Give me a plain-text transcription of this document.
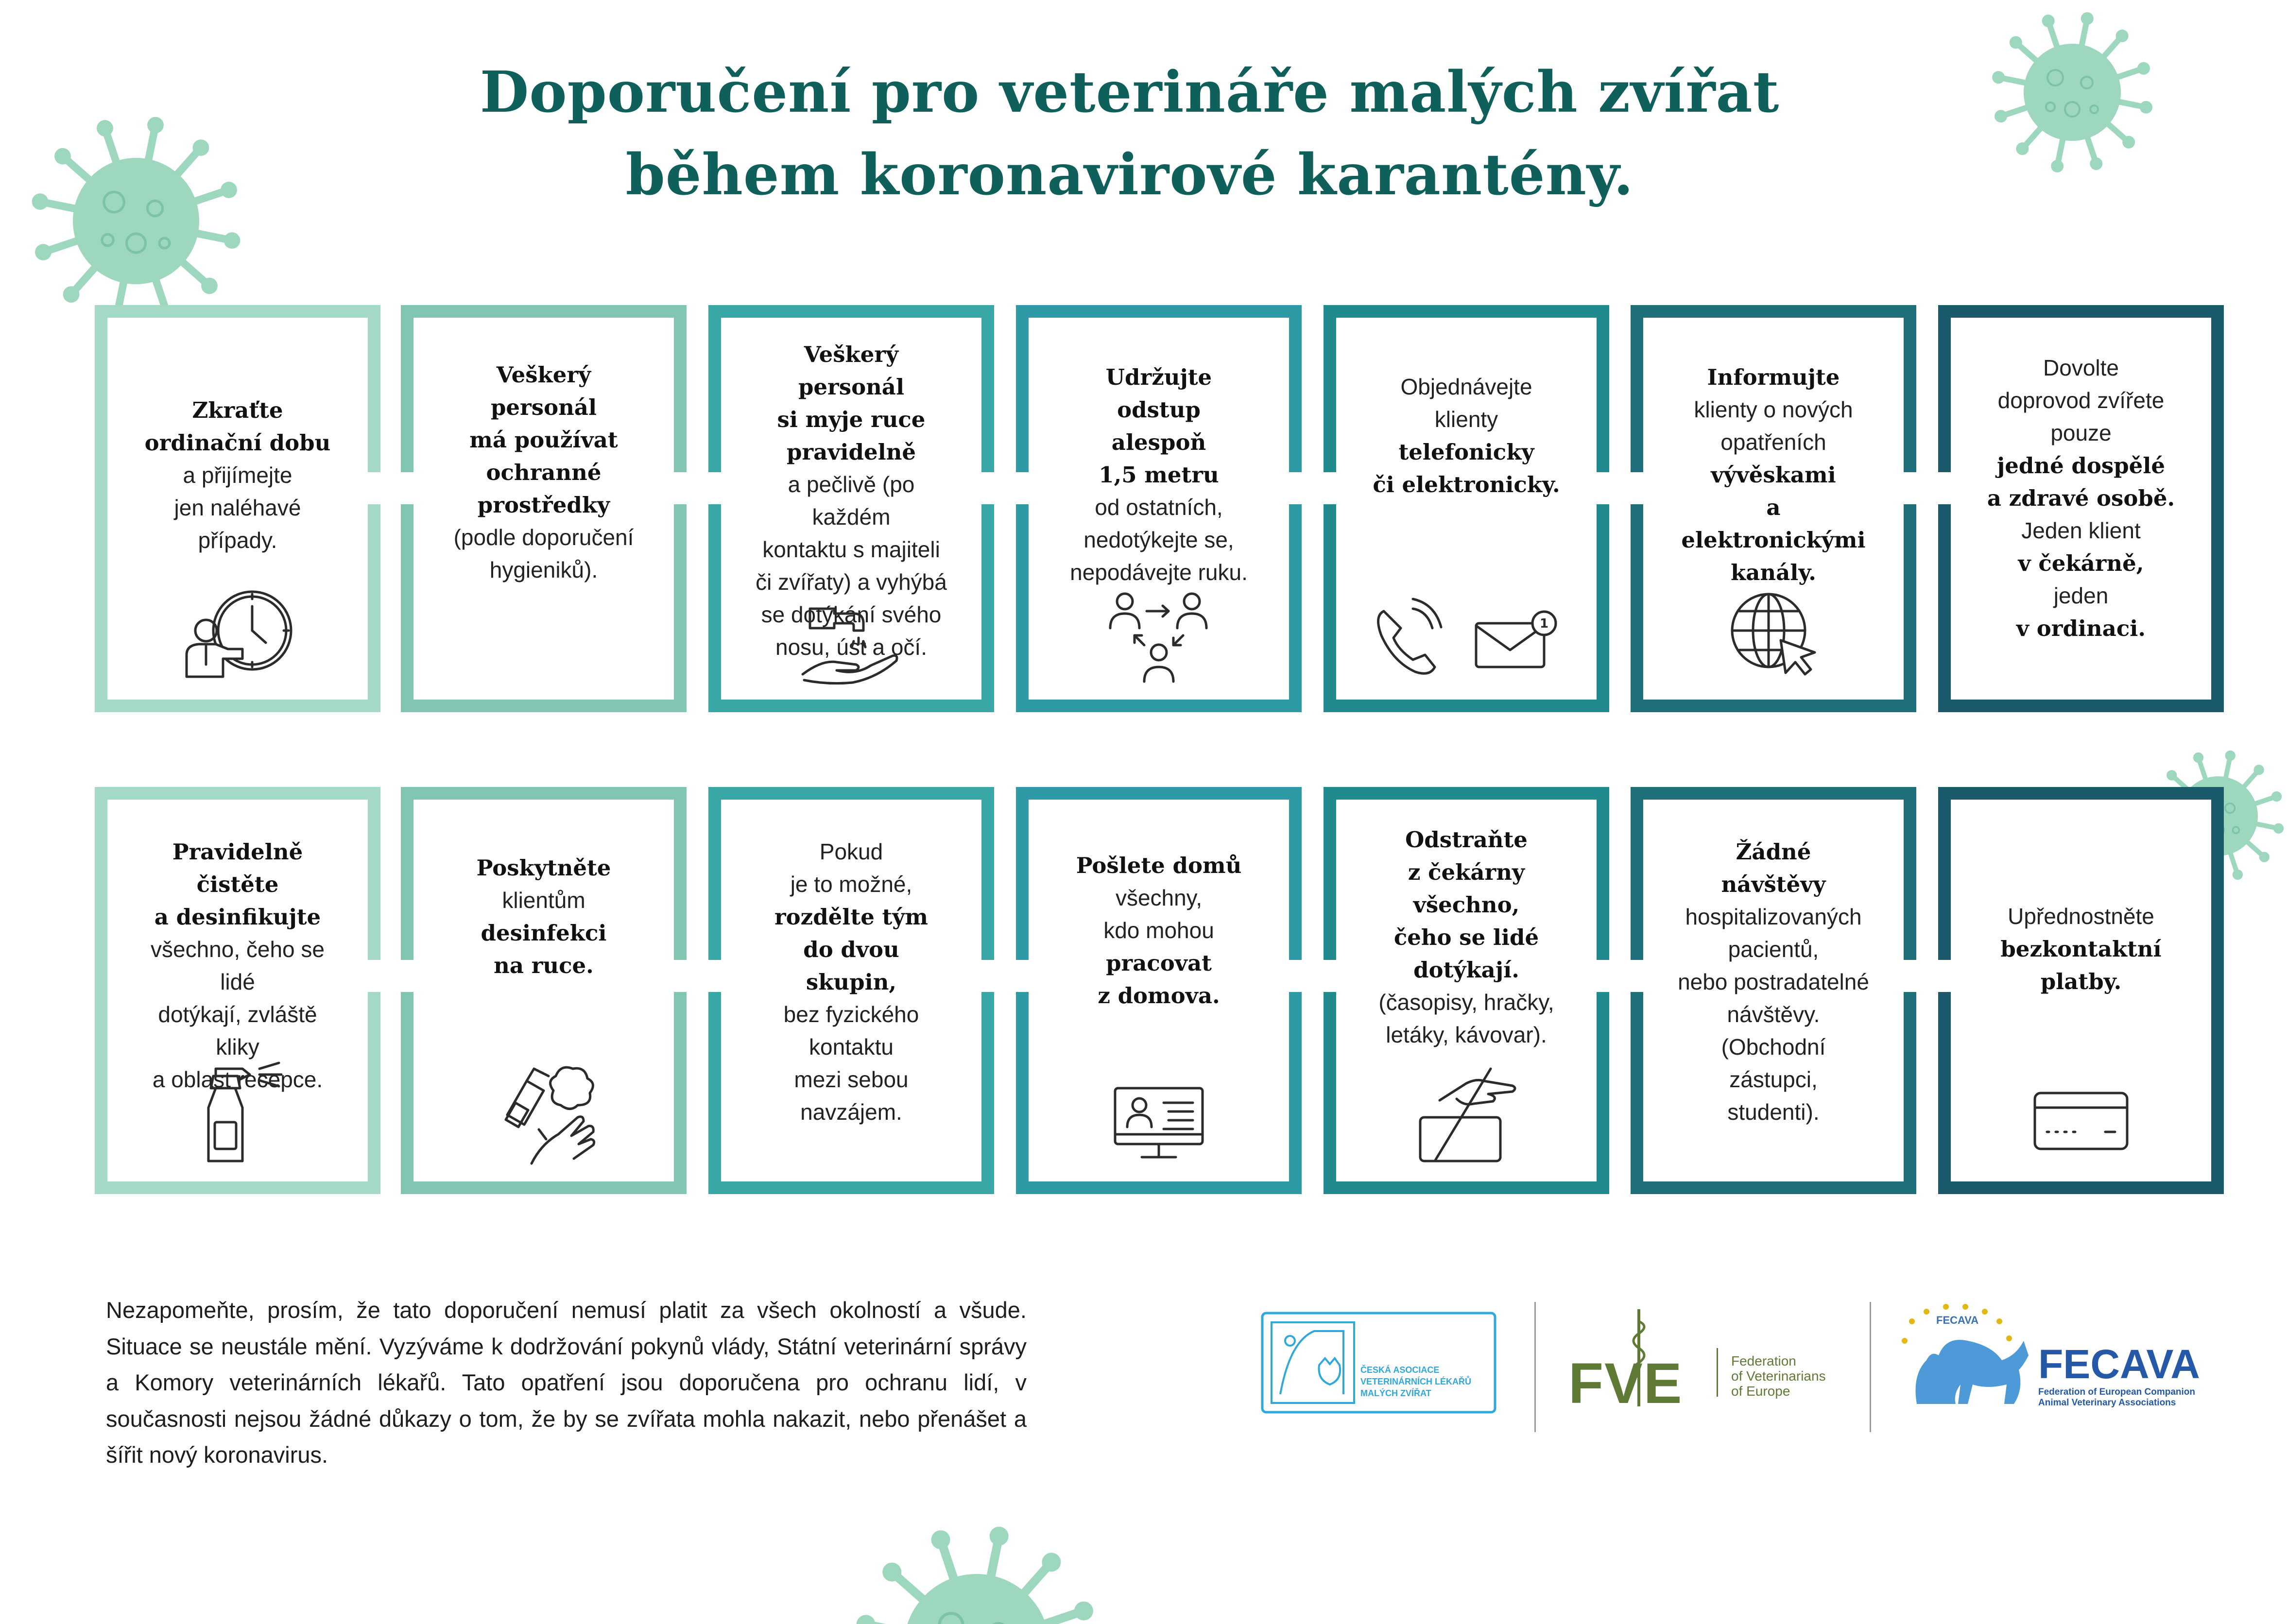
Doporučení pro veterináře malých zvířat
během koronavirové karantény.
Zkraťte
ordinační dobu
a přijímejte
jen naléhavé
případy.
Veškerý
personál
má používat
ochranné
prostředky
(podle doporučení
hygieniků).
Veškerý personál
si myje ruce
pravidelně
a pečlivě (po každém
kontaktu s majiteli
či zvířaty) a vyhýbá
se dotýkání svého
nosu, úst a očí.
Udržujte odstup
alespoň
1,5 metru
od ostatních,
nedotýkejte se,
nepodávejte ruku.
Objednávejte
klienty
telefonicky
či elektronicky.
1
Informujte
klienty o nových
opatřeních
vývěskami
a elektronickými
kanály.
Dovolte
doprovod zvířete
pouze
jedné dospělé
a zdravé osobě.
Jeden klient
v čekárně,
jeden
v ordinaci.
Pravidelně
čistěte
a desinfikujte
všechno, čeho se lidé
dotýkají, zvláště kliky
a oblast recepce.
Poskytněte
klientům
desinfekci
na ruce.
Pokud
je to možné,
rozdělte tým
do dvou skupin,
bez fyzického
kontaktu
mezi sebou
navzájem.
Pošlete domů
všechny,
kdo mohou
pracovat
z domova.
Odstraňte
z čekárny
všechno,
čeho se lidé
dotýkají.
(časopisy, hračky,
letáky, kávovar).
Žádné
návštěvy
hospitalizovaných
pacientů,
nebo postradatelné
návštěvy.
(Obchodní zástupci,
studenti).
Upřednostněte
bezkontaktní
platby.

Nezapomeňte, prosím, že tato doporučení nemusí platit za všech okolností a všude. Situace se neustále mění. Vyzýváme k dodržování pokynů vlády, Státní veterinární správy a Komory veterinárních lékařů. Tato opatření jsou doporučena pro ochranu lidí, v současnosti nejsou žádné důkazy o tom, že by se zvířata mohla nakazit, nebo přenášet a šířit nový koronavirus.

ČESKÁ ASOCIACE
VETERINÁRNÍCH LÉKAŘŮ
MALÝCH ZVÍŘAT	FVE	Federation
of Veterinarians
of Europe
FECAVA
FECAVA
Federation of European Companion
Animal Veterinary Associations
